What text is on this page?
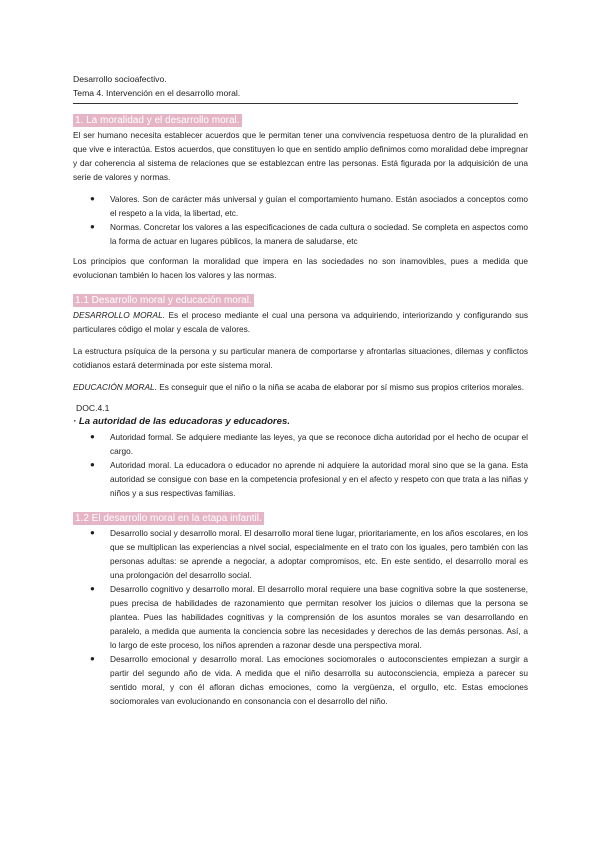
Desarrollo socioafectivo.
Tema 4. Intervención en el desarrollo moral.
1. La moralidad y el desarrollo moral.

El ser humano necesita establecer acuerdos que le permitan tener una convivencia respetuosa dentro de la pluralidad en que vive e interactúa. Estos acuerdos, que constituyen lo que en sentido amplio definimos como moralidad debe impregnar y dar coherencia al sistema de relaciones que se establezcan entre las personas. Está figurada por la adquisición de una serie de valores y normas.

● Valores. Son de carácter más universal y guían el comportamiento humano. Están asociados a conceptos como el respeto a la vida, la libertad, etc.
● Normas. Concretar los valores a las especificaciones de cada cultura o sociedad. Se completa en aspectos como la forma de actuar en lugares públicos, la manera de saludarse, etc

Los principios que conforman la moralidad que impera en las sociedades no son inamovibles, pues a medida que evolucionan también lo hacen los valores y las normas.

1.1 Desarrollo moral y educación moral.

DESARROLLO MORAL. Es el proceso mediante el cual una persona va adquiriendo, interiorizando y configurando sus particulares código el molar y escala de valores.

La estructura psíquica de la persona y su particular manera de comportarse y afrontarlas situaciones, dilemas y conflictos cotidianos estará determinada por este sistema moral.

EDUCACIÓN MORAL. Es conseguir que el niño o la niña se acaba de elaborar por sí mismo sus propios criterios morales.

DOC.4.1
· La autoridad de las educadoras y educadores.
● Autoridad formal. Se adquiere mediante las leyes, ya que se reconoce dicha autoridad por el hecho de ocupar el cargo.
● Autoridad moral. La educadora o educador no aprende ni adquiere la autoridad moral sino que se la gana. Esta autoridad se consigue con base en la competencia profesional y en el afecto y respeto con que trata a las niñas y niños y a sus respectivas familias.
1.2 El desarrollo moral en la etapa infantil.
● Desarrollo social y desarrollo moral. El desarrollo moral tiene lugar, prioritariamente, en los años escolares, en los que se multiplican las experiencias a nivel social, especialmente en el trato con los iguales, pero también con las personas adultas: se aprende a negociar, a adoptar compromisos, etc. En este sentido, el desarrollo moral es una prolongación del desarrollo social.
● Desarrollo cognitivo y desarrollo moral. El desarrollo moral requiere una base cognitiva sobre la que sostenerse, pues precisa de habilidades de razonamiento que permitan resolver los juicios o dilemas que la persona se plantea. Pues las habilidades cognitivas y la comprensión de los asuntos morales se van desarrollando en paralelo, a medida que aumenta la conciencia sobre las necesidades y derechos de las demás personas. Así, a lo largo de este proceso, los niños aprenden a razonar desde una perspectiva moral.
● Desarrollo emocional y desarrollo moral. Las emociones sociomorales o autoconscientes empiezan a surgir a partir del segundo año de vida. A medida que el niño desarrolla su autoconsciencia, empieza a parecer su sentido moral, y con él afloran dichas emociones, como la vergüenza, el orgullo, etc. Estas emociones sociomorales van evolucionando en consonancia con el desarrollo del niño.
